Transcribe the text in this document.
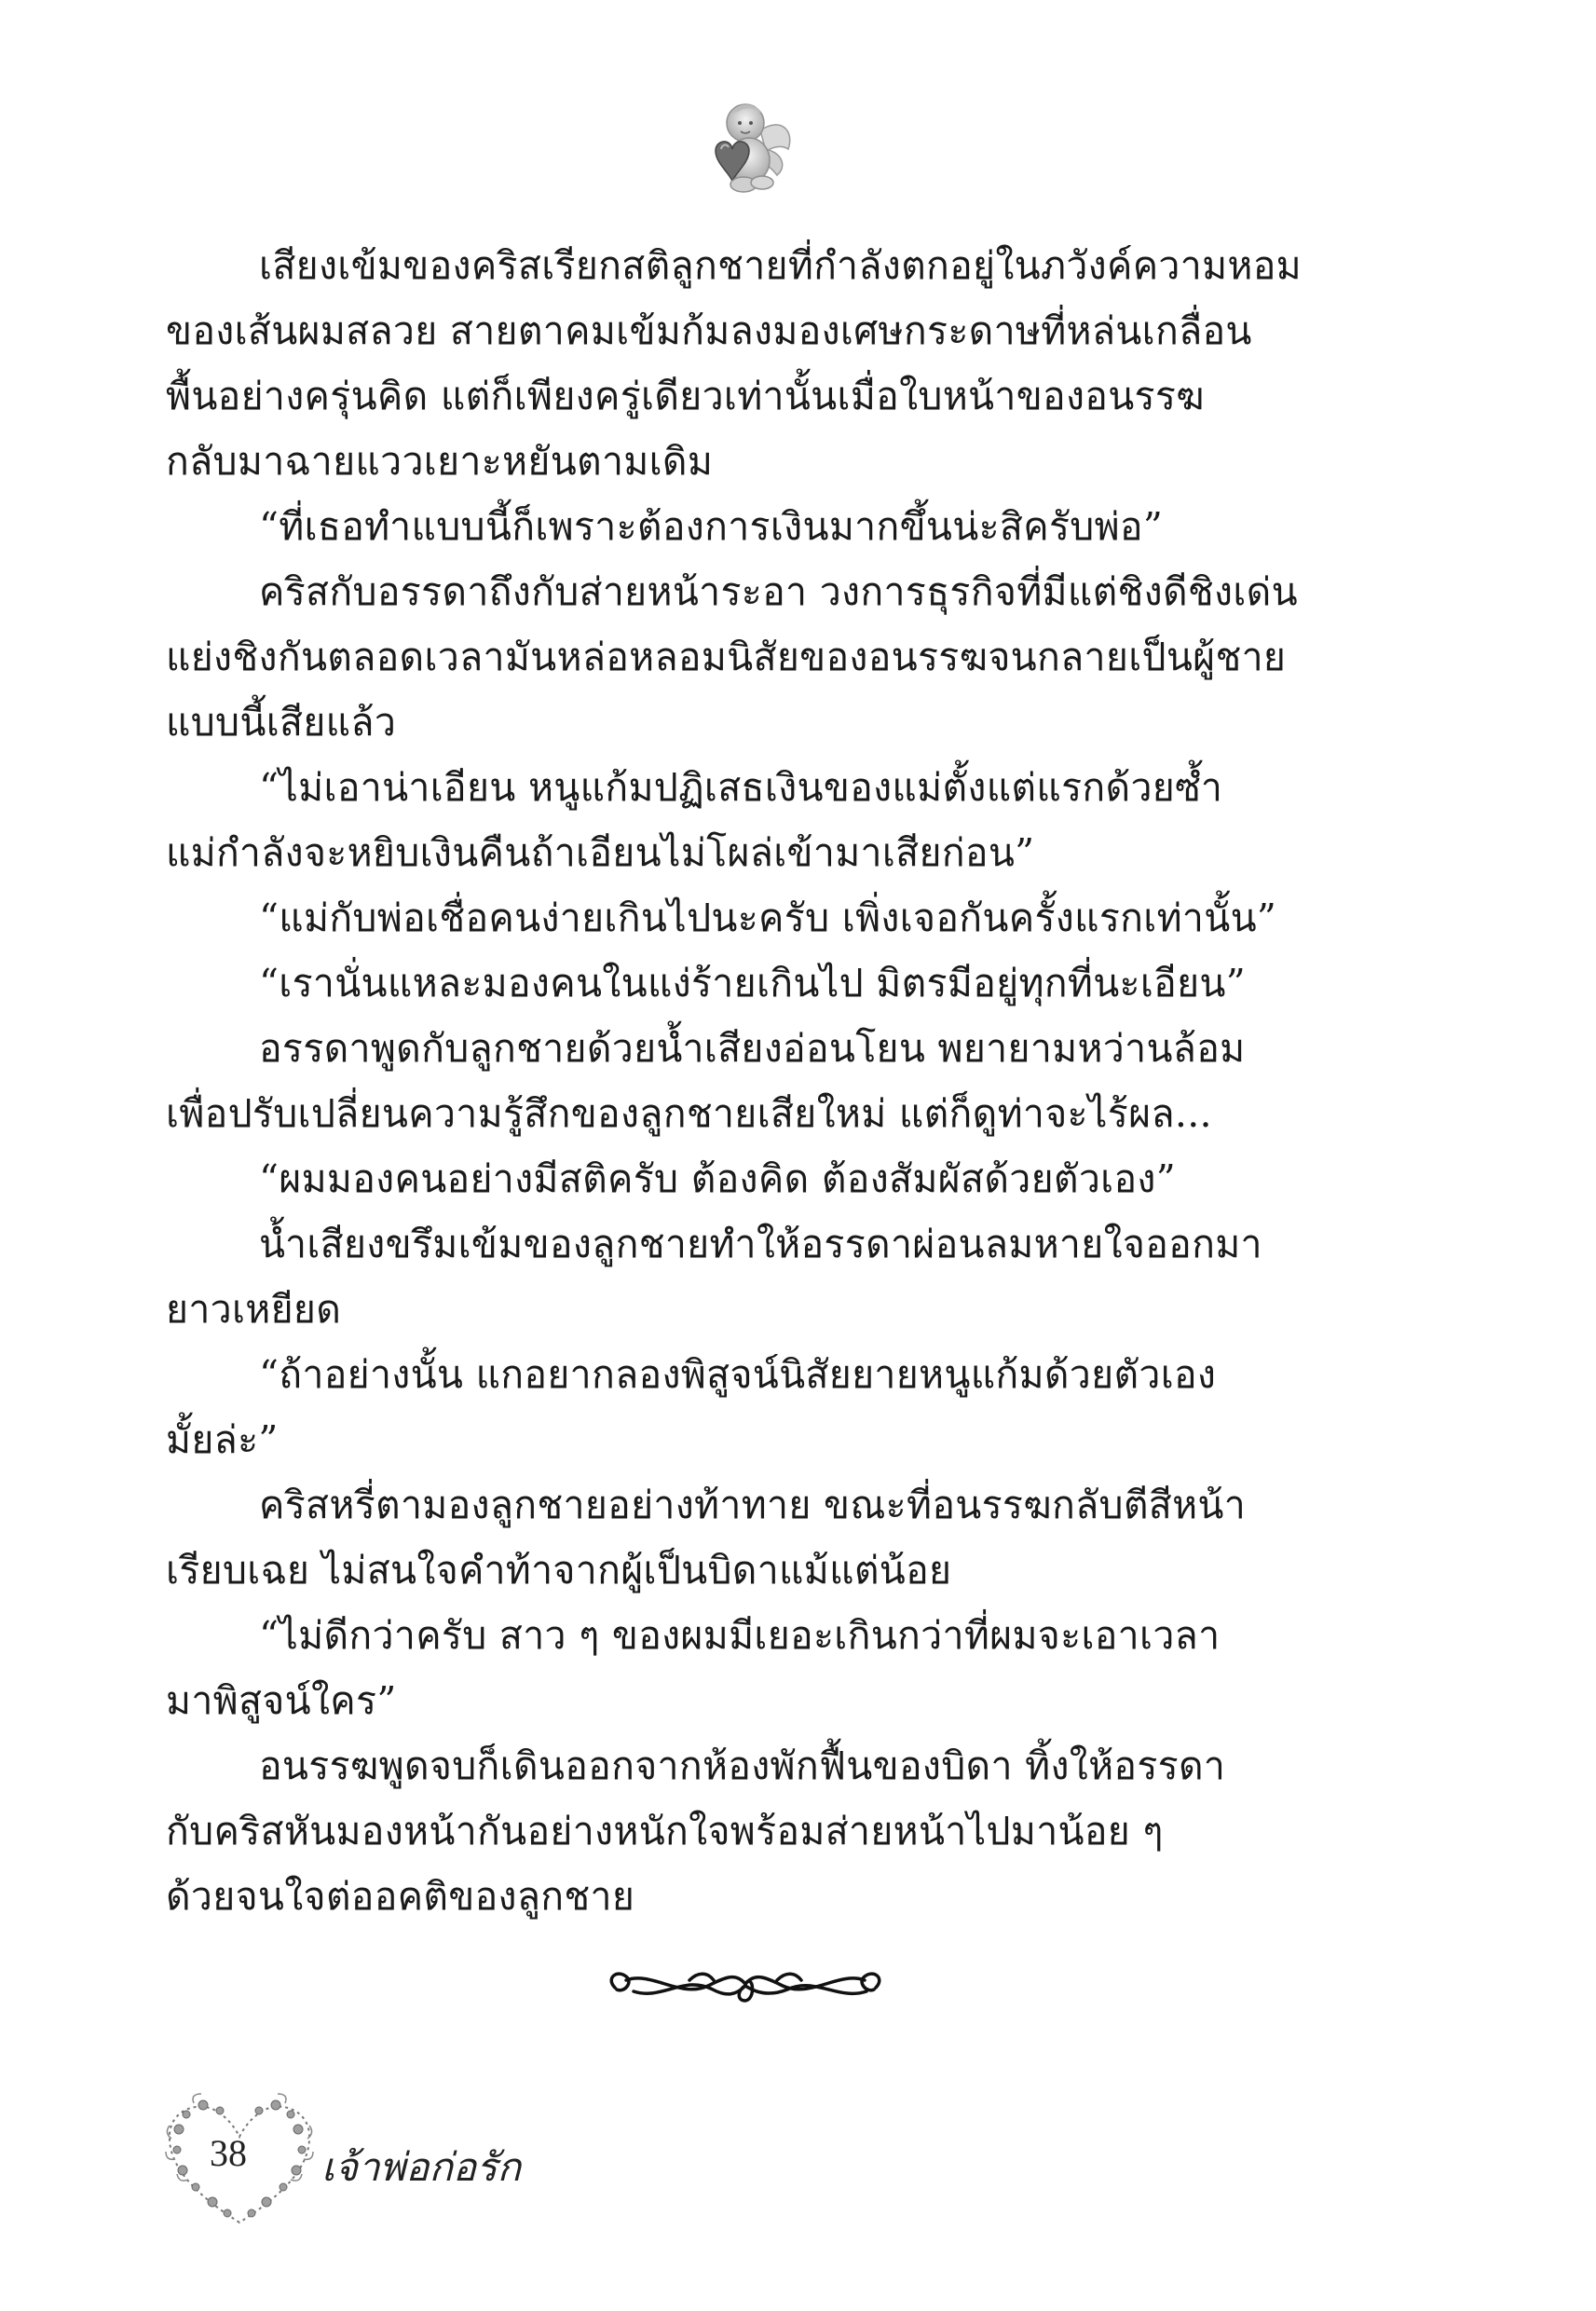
เสียงเข้มของคริสเรียกสติลูกชายที่กำลังตกอยู่ในภวังค์ความหอม
ของเส้นผมสลวย สายตาคมเข้มก้มลงมองเศษกระดาษที่หล่นเกลื่อน
พื้นอย่างครุ่นคิด แต่ก็เพียงครู่เดียวเท่านั้นเมื่อใบหน้าของอนรรฆ
กลับมาฉายแววเยาะหยันตามเดิม
“ที่เธอทำแบบนี้ก็เพราะต้องการเงินมากขึ้นน่ะสิครับพ่อ”
คริสกับอรรดาถึงกับส่ายหน้าระอา วงการธุรกิจที่มีแต่ชิงดีชิงเด่น
แย่งชิงกันตลอดเวลามันหล่อหลอมนิสัยของอนรรฆจนกลายเป็นผู้ชาย
แบบนี้เสียแล้ว
“ไม่เอาน่าเอียน หนูแก้มปฏิเสธเงินของแม่ตั้งแต่แรกด้วยซ้ำ
แม่กำลังจะหยิบเงินคืนถ้าเอียนไม่โผล่เข้ามาเสียก่อน”
“แม่กับพ่อเชื่อคนง่ายเกินไปนะครับ เพิ่งเจอกันครั้งแรกเท่านั้น”
“เรานั่นแหละมองคนในแง่ร้ายเกินไป มิตรมีอยู่ทุกที่นะเอียน”
อรรดาพูดกับลูกชายด้วยน้ำเสียงอ่อนโยน พยายามหว่านล้อม
เพื่อปรับเปลี่ยนความรู้สึกของลูกชายเสียใหม่ แต่ก็ดูท่าจะไร้ผล...
“ผมมองคนอย่างมีสติครับ ต้องคิด ต้องสัมผัสด้วยตัวเอง”
น้ำเสียงขรึมเข้มของลูกชายทำให้อรรดาผ่อนลมหายใจออกมา
ยาวเหยียด
“ถ้าอย่างนั้น แกอยากลองพิสูจน์นิสัยยายหนูแก้มด้วยตัวเอง
มั้ยล่ะ”
คริสหรี่ตามองลูกชายอย่างท้าทาย ขณะที่อนรรฆกลับตีสีหน้า
เรียบเฉย ไม่สนใจคำท้าจากผู้เป็นบิดาแม้แต่น้อย
“ไม่ดีกว่าครับ สาว ๆ ของผมมีเยอะเกินกว่าที่ผมจะเอาเวลา
มาพิสูจน์ใคร”
อนรรฆพูดจบก็เดินออกจากห้องพักฟื้นของบิดา ทิ้งให้อรรดา
กับคริสหันมองหน้ากันอย่างหนักใจพร้อมส่ายหน้าไปมาน้อย ๆ
ด้วยจนใจต่ออคติของลูกชาย
38 เจ้าพ่อก่อรัก
